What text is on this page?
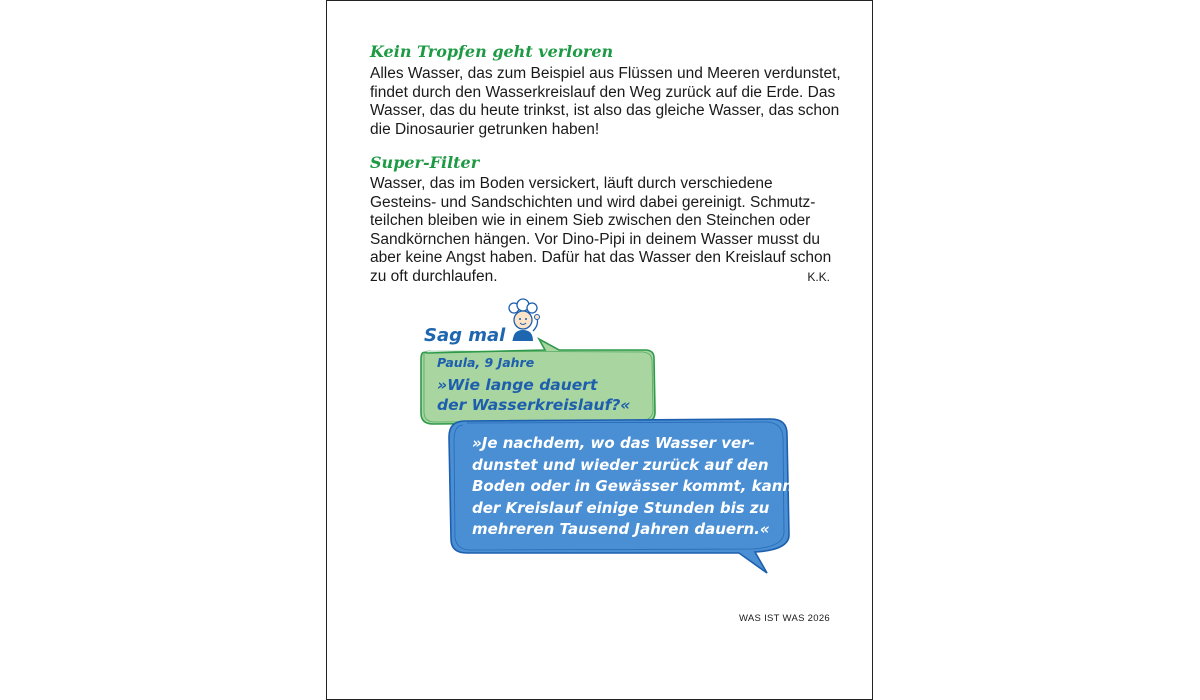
Kein Tropfen geht verloren

Alles Wasser, das zum Beispiel aus Flüssen und Meeren verdunstet,
findet durch den Wasserkreislauf den Weg zurück auf die Erde. Das
Wasser, das du heute trinkst, ist also das gleiche Wasser, das schon
die Dinosaurier getrunken haben!

Super-Filter

Wasser, das im Boden versickert, läuft durch verschiedene
Gesteins- und Sandschichten und wird dabei gereinigt. Schmutz-
teilchen bleiben wie in einem Sieb zwischen den Steinchen oder
Sandkörnchen hängen. Vor Dino-Pipi in deinem Wasser musst du
aber keine Angst haben. Dafür hat das Wasser den Kreislauf schon
zu oft durchlaufen.	K.K.
Sag mal ...
Paula, 9 Jahre
»Wie lange dauert
der Wasserkreislauf?«
»Je nachdem, wo das Wasser ver-
dunstet und wieder zurück auf den
Boden oder in Gewässer kommt, kann
der Kreislauf einige Stunden bis zu
mehreren Tausend Jahren dauern.«
WAS IST WAS 2026
